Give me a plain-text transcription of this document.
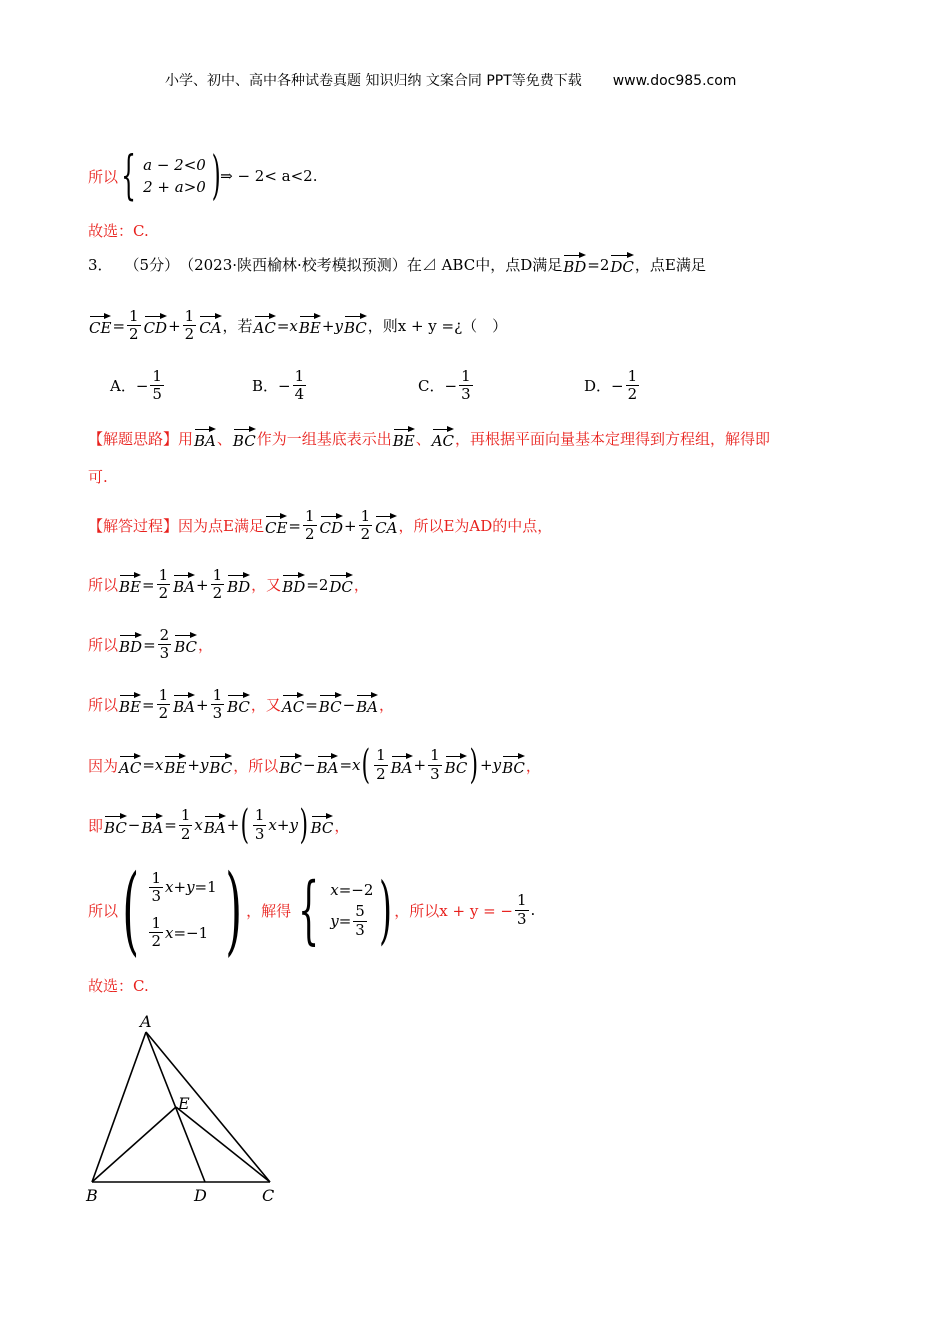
小学、初中、高中各种试卷真题 知识归纳 文案合同 PPT等免费下载 www.doc985.com
所以 { a − 2<0
2 + a>0 ) ⇒ − 2< a<2.
故选：C.
3． （5分） （2023·陕西榆林·校考模拟预测） 在⊿ ABC中，点D满足 BD =2 DC ，点E满足
CE = $\frac{1}{2}$ CD + $\frac{1}{2}$ CA ，若 AC = x BE + y BC ，则x + y =¿（　）
A． − $\frac{1}{5}$	B． − $\frac{1}{4}$	C． − $\frac{1}{3}$	D． − $\frac{1}{2}$
【解题思路】 用 BA 、 BC 作为一组基底表示出 BE 、 AC ，再根据平面向量基本定理得到方程组，解得即
可.
【解答过程】 因为点E满足 CE = $\frac{1}{2}$ CD + $\frac{1}{2}$ CA ，所以E为AD的中点，
所以 BE = $\frac{1}{2}$ BA + $\frac{1}{2}$ BD ，又 BD =2 DC ，
所以 BD = $\frac{2}{3}$ BC ，
所以 BE = $\frac{1}{2}$ BA + $\frac{1}{3}$ BC ，又 AC = BC − BA ，
因为 AC = x BE + y BC ，所以 BC − BA = x ( $\frac{1}{2}$ BA + $\frac{1}{3}$ BC ) + y BC ，
即 BC − BA = $\frac{1}{2}$ x BA + ( $\frac{1}{3}$ x + y ) BC ，
所以 ( $\frac{1}{3}$ x + y =1
$\frac{1}{2}$ x =−1 ) ，解得 { x =−2
$y = \frac{5}{3}$ ) ，所以x + y = − $\frac{1}{3}$ .
故选：C.
A
B	C
D
E
